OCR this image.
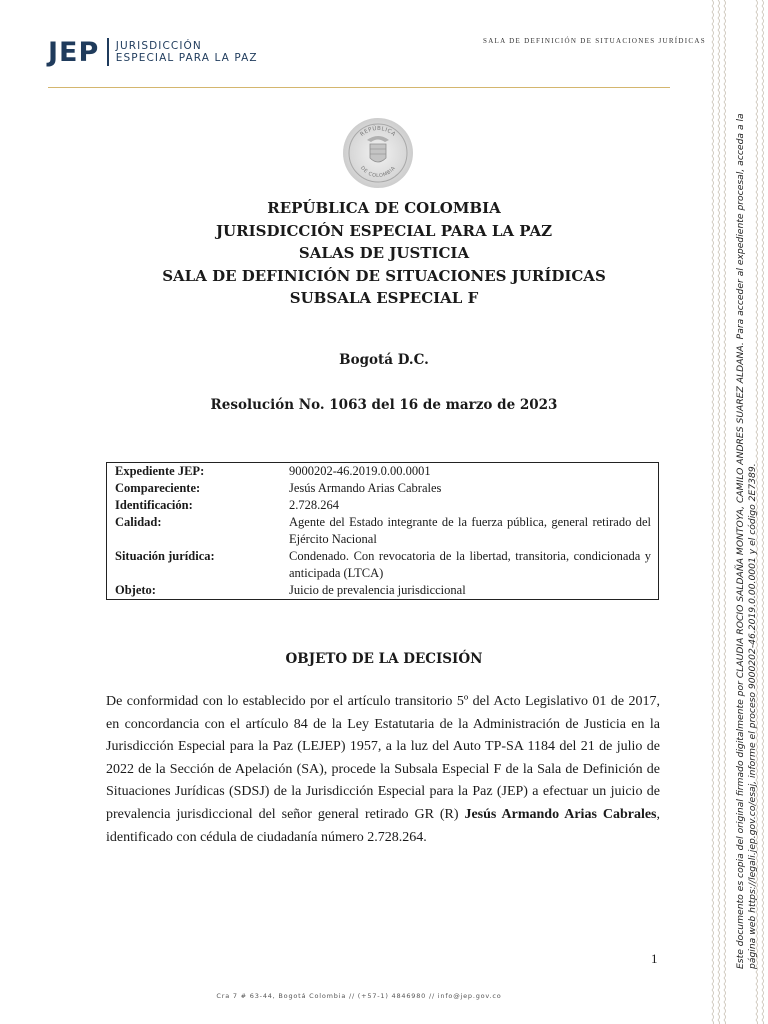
JEP JURISDICCIÓN
ESPECIAL PARA LA PAZ
SALA DE DEFINICIÓN DE SITUACIONES JURÍDICAS
REPÚBLICA
DE COLOMBIA
REPÚBLICA DE COLOMBIA
JURISDICCIÓN ESPECIAL PARA LA PAZ
SALAS DE JUSTICIA
SALA DE DEFINICIÓN DE SITUACIONES JURÍDICAS
SUBSALA ESPECIAL F
Bogotá D.C.
Resolución No. 1063 del 16 de marzo de 2023
Expediente JEP:	9000202-46.2019.0.00.0001
Compareciente:	Jesús Armando Arias Cabrales
Identificación:	2.728.264
Calidad:	Agente del Estado integrante de la fuerza pública, general retirado del Ejército Nacional
Situación jurídica:	Condenado. Con revocatoria de la libertad, transitoria, condicionada y anticipada (LTCA)
Objeto:	Juicio de prevalencia jurisdiccional
OBJETO DE LA DECISIÓN

De conformidad con lo establecido por el artículo transitorio 5º del Acto Legislativo 01 de 2017, en concordancia con el artículo 84 de la Ley Estatutaria de la Administración de Justicia en la Jurisdicción Especial para la Paz (LEJEP) 1957, a la luz del Auto TP-SA 1184 del 21 de julio de 2022 de la Sección de Apelación (SA), procede la Subsala Especial F de la Sala de Definición de Situaciones Jurídicas (SDSJ) de la Jurisdicción Especial para la Paz (JEP) a efectuar un juicio de prevalencia jurisdiccional del señor general retirado GR (R) Jesús Armando Arias Cabrales, identificado con cédula de ciudadanía número 2.728.264.

1
Cra 7 # 63-44, Bogotá Colombia // (+57-1) 4846980 // info@jep.gov.co
Este documento es copia del original firmado digitalmente por CLAUDIA ROCIO SALDAÑA MONTOYA, CAMILO ANDRES SUAREZ ALDANA. Para acceder al expediente procesal, acceda a la página web https://legali.jep.gov.co/esaj, informe el proceso 9000202-46.2019.0.00.0001 y el código 2E7389.
